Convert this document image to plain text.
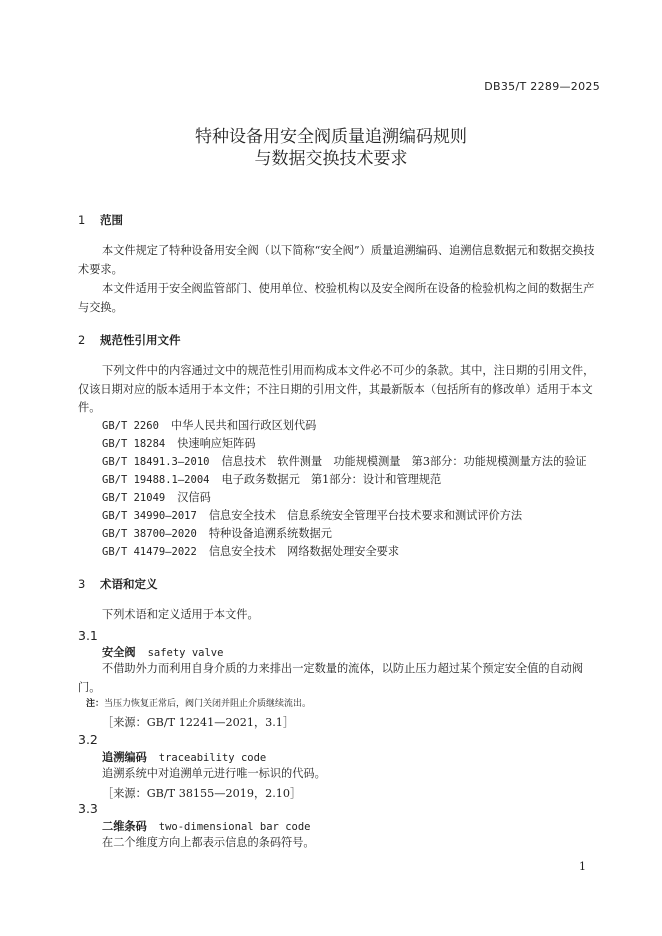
DB35/T 2289—2025
特种设备用安全阀质量追溯编码规则
与数据交换技术要求
1 范围
本文件规定了特种设备用安全阀（以下简称“安全阀”）质量追溯编码、追溯信息数据元和数据交换技术要求。
本文件适用于安全阀监管部门、使用单位、校验机构以及安全阀所在设备的检验机构之间的数据生产与交换。
2 规范性引用文件
下列文件中的内容通过文中的规范性引用而构成本文件必不可少的条款。其中，注日期的引用文件，仅该日期对应的版本适用于本文件；不注日期的引用文件，其最新版本（包括所有的修改单）适用于本文件。
GB/T 2260 中华人民共和国行政区划代码
GB/T 18284 快速响应矩阵码
GB/T 18491.3—2010 信息技术　软件测量　功能规模测量　第3部分：功能规模测量方法的验证
GB/T 19488.1—2004 电子政务数据元　第1部分：设计和管理规范
GB/T 21049 汉信码
GB/T 34990—2017 信息安全技术　信息系统安全管理平台技术要求和测试评价方法
GB/T 38700—2020 特种设备追溯系统数据元
GB/T 41479—2022 信息安全技术　网络数据处理安全要求
3 术语和定义
下列术语和定义适用于本文件。
3.1
安全阀 safety valve
不借助外力而利用自身介质的力来排出一定数量的流体，以防止压力超过某个预定安全值的自动阀门。
注：当压力恢复正常后，阀门关闭并阻止介质继续流出。
［来源：GB/T 12241—2021，3.1］
3.2
追溯编码 traceability code
追溯系统中对追溯单元进行唯一标识的代码。
［来源：GB/T 38155—2019，2.10］
3.3
二维条码 two-dimensional bar code
在二个维度方向上都表示信息的条码符号。
1
